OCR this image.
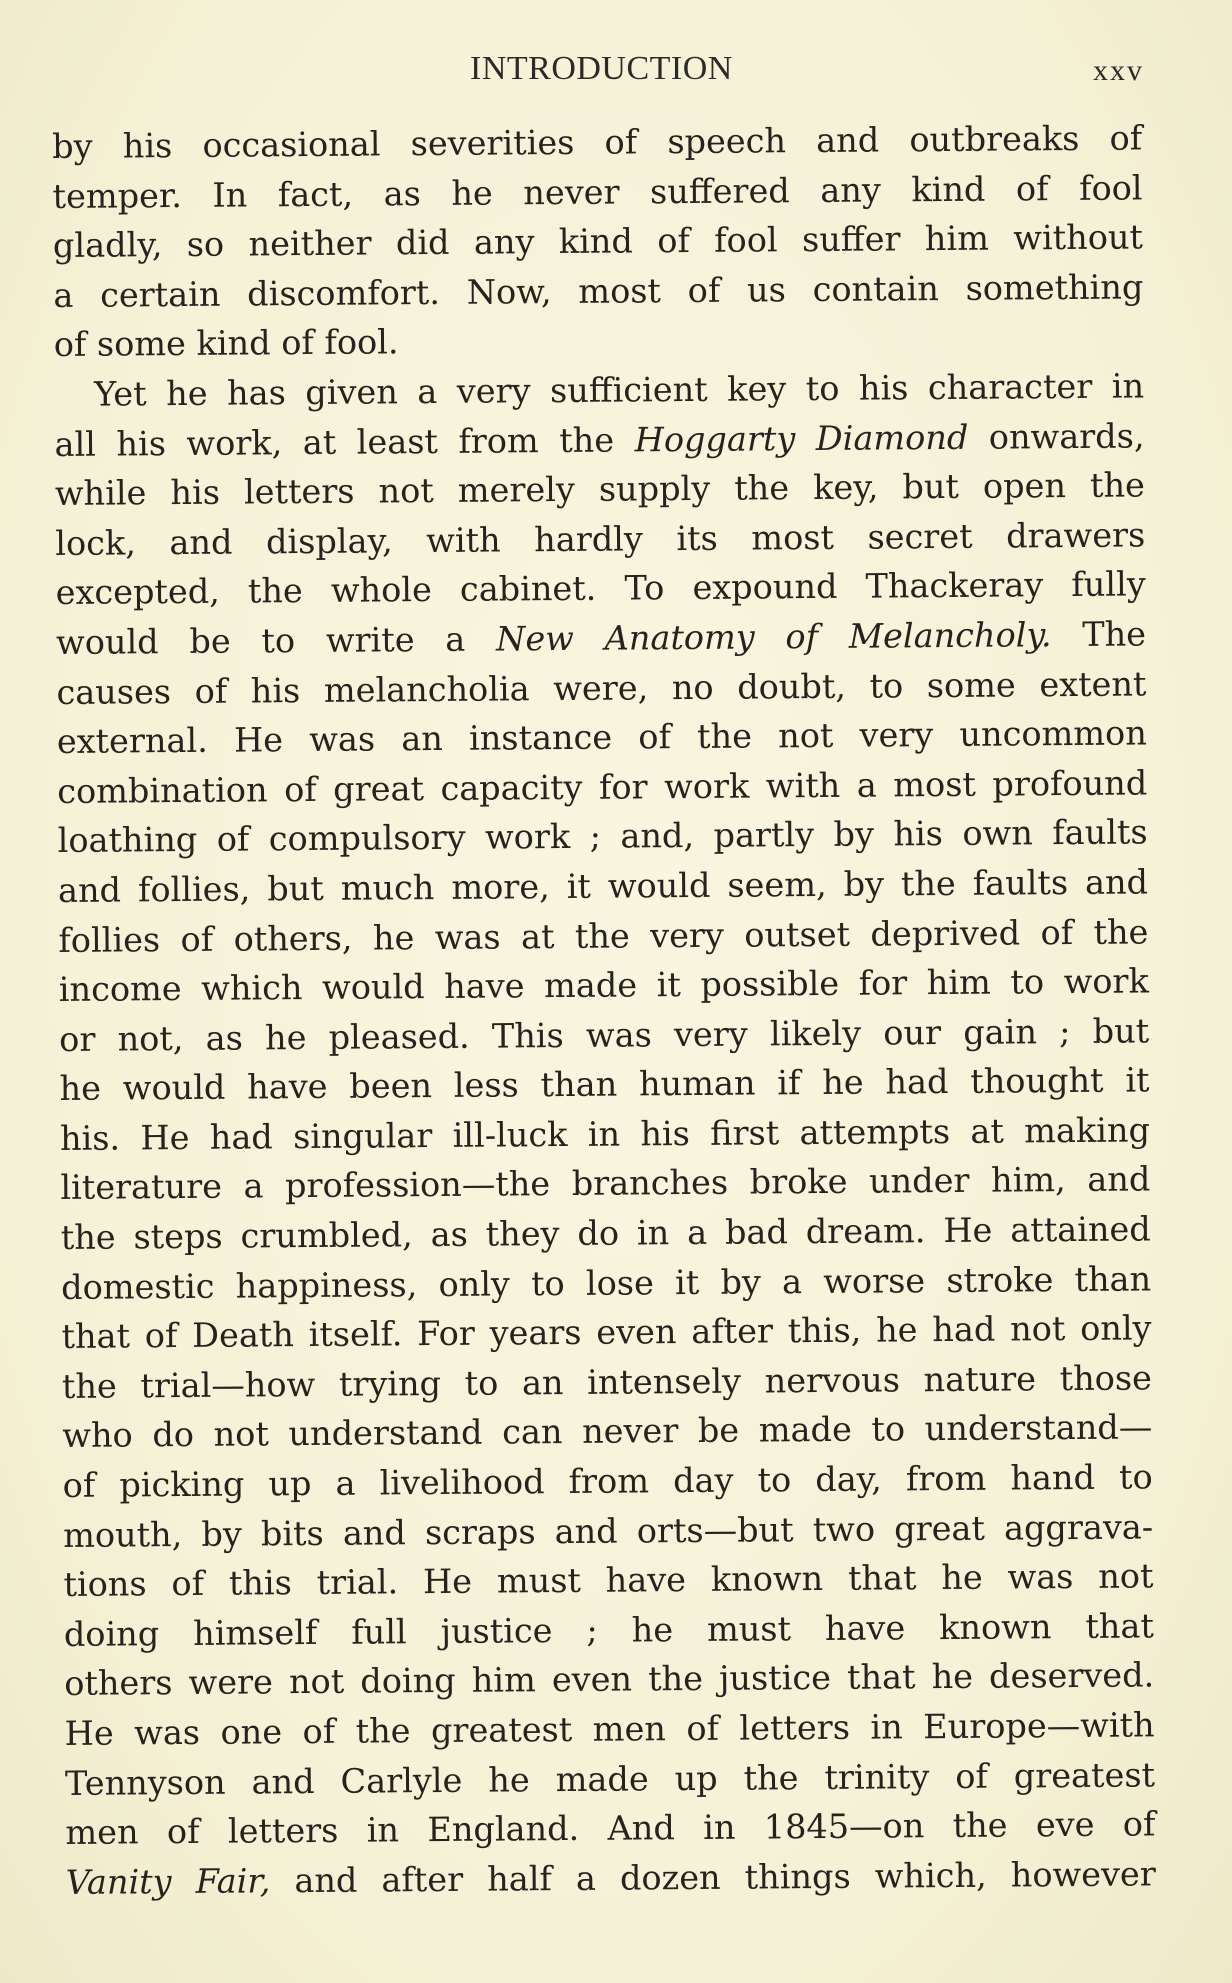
INTRODUCTION	xxv
by his occasional severities of speech and outbreaks of
temper. In fact, as he never suffered any kind of fool
gladly, so neither did any kind of fool suffer him without
a certain discomfort. Now, most of us contain something
of some kind of fool.
Yet he has given a very sufficient key to his character in
all his work, at least from the Hoggarty Diamond onwards,
while his letters not merely supply the key, but open the
lock, and display, with hardly its most secret drawers
excepted, the whole cabinet. To expound Thackeray fully
would be to write a New Anatomy of Melancholy. The
causes of his melancholia were, no doubt, to some extent
external. He was an instance of the not very uncommon
combination of great capacity for work with a most profound
loathing of compulsory work ; and, partly by his own faults
and follies, but much more, it would seem, by the faults and
follies of others, he was at the very outset deprived of the
income which would have made it possible for him to work
or not, as he pleased. This was very likely our gain ; but
he would have been less than human if he had thought it
his. He had singular ill-luck in his first attempts at making
literature a profession—the branches broke under him, and
the steps crumbled, as they do in a bad dream. He attained
domestic happiness, only to lose it by a worse stroke than
that of Death itself. For years even after this, he had not only
the trial—how trying to an intensely nervous nature those
who do not understand can never be made to understand—
of picking up a livelihood from day to day, from hand to
mouth, by bits and scraps and orts—but two great aggrava-
tions of this trial. He must have known that he was not
doing himself full justice ; he must have known that
others were not doing him even the justice that he deserved.
He was one of the greatest men of letters in Europe—with
Tennyson and Carlyle he made up the trinity of greatest
men of letters in England. And in 1845—on the eve of
Vanity Fair, and after half a dozen things which, however
